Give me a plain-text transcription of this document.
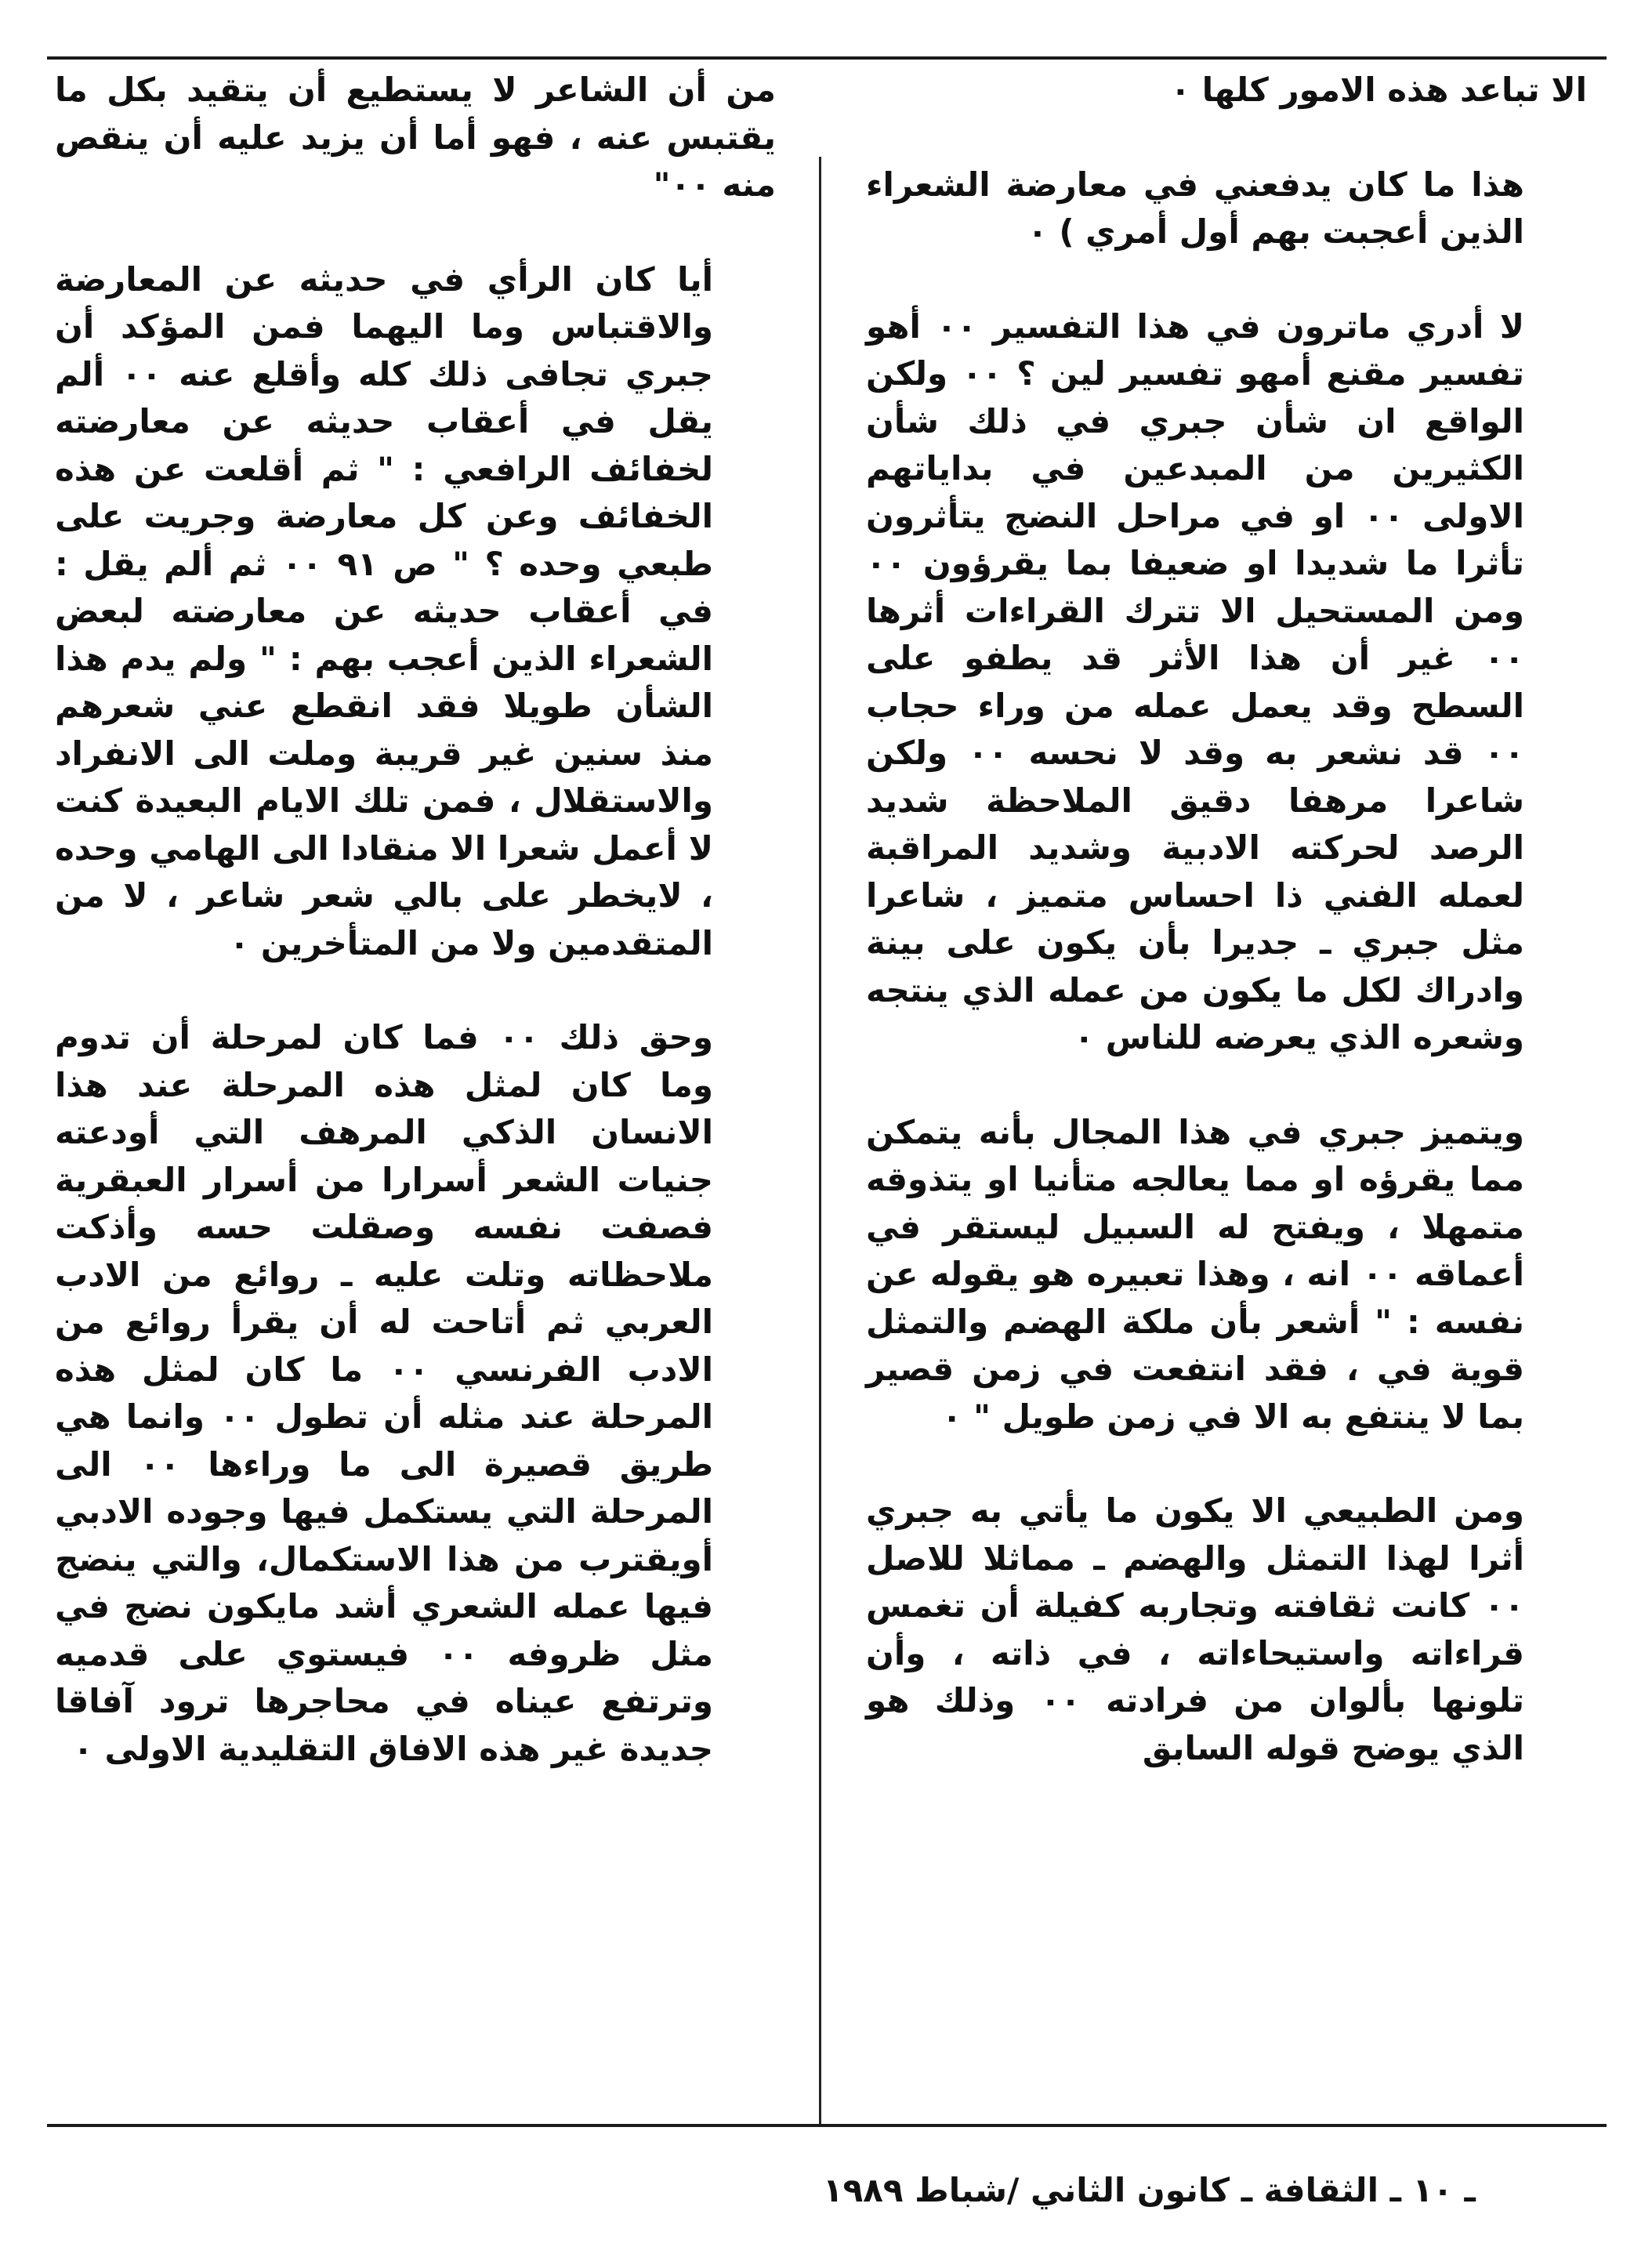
الا تباعد هذه الامور كلها ٠

هذا ما كان يدفعني في معارضة الشعراء الذين أعجبت بهم أول أمري ) ٠

لا أدري ماترون في هذا التفسير ٠٠ أهو تفسير مقنع أمهو تفسير لين ؟ ٠٠ ولكن الواقع ان شأن جبري في ذلك شأن الكثيرين من المبدعين في بداياتهم الاولى ٠٠ او في مراحل النضج يتأثرون تأثرا ما شديدا او ضعيفا بما يقرؤون ٠٠ ومن المستحيل الا تترك القراءات أثرها ٠٠ غير أن هذا الأثر قد يطفو على السطح وقد يعمل عمله من وراء حجاب ٠٠ قد نشعر به وقد لا نحسه ٠٠ ولكن شاعرا مرهفا دقيق الملاحظة شديد الرصد لحركته الادبية وشديد المراقبة لعمله الفني ذا احساس متميز ، شاعرا مثل جبري ـ جديرا بأن يكون على بينة وادراك لكل ما يكون من عمله الذي ينتجه وشعره الذي يعرضه للناس ٠

ويتميز جبري في هذا المجال بأنه يتمكن مما يقرؤه او مما يعالجه متأنيا او يتذوقه متمهلا ، ويفتح له السبيل ليستقر في أعماقه ٠٠ انه ، وهذا تعبيره هو يقوله عن نفسه : " أشعر بأن ملكة الهضم والتمثل قوية في ، فقد انتفعت في زمن قصير بما لا ينتفع به الا في زمن طويل " ٠

ومن الطبيعي الا يكون ما يأتي به جبري أثرا لهذا التمثل والهضم ـ مماثلا للاصل ٠٠ كانت ثقافته وتجاربه كفيلة أن تغمس قراءاته واستيحاءاته ، في ذاته ، وأن تلونها بألوان من فرادته ٠٠ وذلك هو الذي يوضح قوله السابق

من أن الشاعر لا يستطيع أن يتقيد بكل ما يقتبس عنه ، فهو أما أن يزيد عليه أن ينقص منه ٠٠"

أيا كان الرأي في حديثه عن المعارضة والاقتباس وما اليهما فمن المؤكد أن جبري تجافى ذلك كله وأقلع عنه ٠٠ ألم يقل في أعقاب حديثه عن معارضته لخفائف الرافعي : " ثم أقلعت عن هذه الخفائف وعن كل معارضة وجريت على طبعي وحده ؟ " ص ٩١ ٠٠ ثم ألم يقل : في أعقاب حديثه عن معارضته لبعض الشعراء الذين أعجب بهم : " ولم يدم هذا الشأن طويلا فقد انقطع عني شعرهم منذ سنين غير قريبة وملت الى الانفراد والاستقلال ، فمن تلك الايام البعيدة كنت لا أعمل شعرا الا منقادا الى الهامي وحده ، لايخطر على بالي شعر شاعر ، لا من المتقدمين ولا من المتأخرين ٠

وحق ذلك ٠٠ فما كان لمرحلة أن تدوم وما كان لمثل هذه المرحلة عند هذا الانسان الذكي المرهف التي أودعته جنيات الشعر أسرارا من أسرار العبقرية فصفت نفسه وصقلت حسه وأذكت ملاحظاته وتلت عليه ـ روائع من الادب العربي ثم أتاحت له أن يقرأ روائع من الادب الفرنسي ٠٠ ما كان لمثل هذه المرحلة عند مثله أن تطول ٠٠ وانما هي طريق قصيرة الى ما وراءها ٠٠ الى المرحلة التي يستكمل فيها وجوده الادبي أويقترب من هذا الاستكمال، والتي ينضج فيها عمله الشعري أشد مايكون نضج في مثل ظروفه ٠٠ فيستوي على قدميه وترتفع عيناه في محاجرها ترود آفاقا جديدة غير هذه الافاق التقليدية الاولى ٠

ـ ١٠ ـ الثقافة ـ كانون الثاني /شباط ١٩٨٩
